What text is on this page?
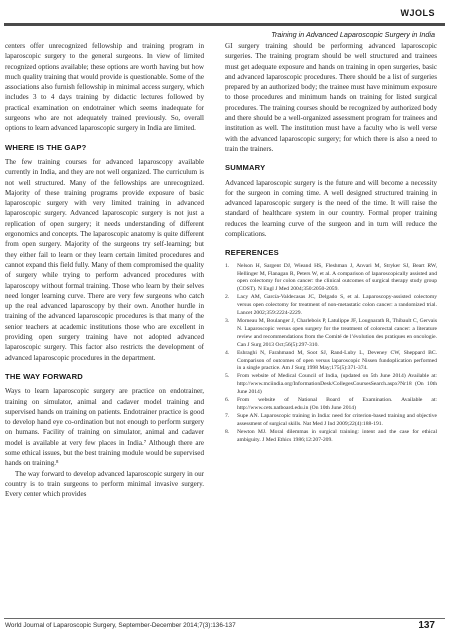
WJOLS
Training in Advanced Laparoscopic Surgery in India

centers offer unrecognized fellowship and training program in laparoscopic surgery to the general surgeons. In view of limited recognized options available; these options are worth having but how much quality training that would provide is questionable. Some of the associations also furnish fellowship in minimal access surgery, which includes 3 to 4 days training by didactic lectures followed by practical examination on endotrainer which seems inadequate for surgeons who are not adequately trained previously. So, overall options to learn advanced laparoscopic surgery in India are limited.

WHERE IS THE GAP?

The few training courses for advanced laparoscopy available currently in India, and they are not well organized. The curriculum is not well structured. Many of the fellowships are unrecognized. Majority of these training programs provide exposure of basic laparoscopic surgery with very limited training in advanced laparoscopic surgery. Advanced laparoscopic surgery is not just a replication of open surgery; it needs understanding of different ergonomics and concepts. The laparoscopic anatomy is quite different from open surgery. Majority of the surgeons try self-learning; but they either fail to learn or they learn certain limited procedures and cannot expand this field fully. Many of them compromised the quality of surgery while trying to perform advanced procedures with laparoscopy without formal training. Those who learn by their selves need longer learning curve. There are very few surgeons who catch up the real advanced laparoscopy by their own. Another hurdle in training of the advanced laparoscopic procedures is that many of the senior teachers at academic institutions those who are excellent in providing open surgery training have not adopted advanced laparoscopic surgery. This factor also restricts the development of advanced laparoscopic procedures in the department.

THE WAY FORWARD

Ways to learn laparoscopic surgery are practice on endotrainer, training on simulator, animal and cadaver model training and supervised hands on training on patients. Endotrainer practice is good to develop hand eye co-ordination but not enough to perform surgery on humans. Facility of training on simulator, animal and cadaver model is available at very few places in India.⁷ Although there are some ethical issues, but the best training module would be supervised hands on training.⁸

The way forward to develop advanced laparoscopic surgery in our country is to train surgeons to perform minimal invasive surgery. Every center which provides

GI surgery training should be performing advanced laparoscopic surgeries. The training program should be well structured and trainees must get adequate exposure and hands on training in open surgeries, basic and advanced laparoscopic procedures. There should be a list of surgeries prepared by an authorized body; the trainee must have minimum exposure to those procedures and minimum hands on training for listed surgical procedures. The training courses should be recognized by authorized body and there should be a well-organized assessment program for trainees and institution as well. The institution must have a faculty who is well verse with the advanced laparoscopic surgery; for which there is also a need to train the trainers.

SUMMARY

Advanced laparoscopic surgery is the future and will become a necessity for the surgeon in coming time. A well designed structured training in advanced laparoscopic surgery is the need of the time. It will raise the standard of healthcare system in our country. Formal proper training reduces the learning curve of the surgeon and in turn will reduce the complications.

REFERENCES
1. Nelson H, Sargent DJ, Wieand HS, Fleshman J, Anvari M, Stryker SJ, Beart RW, Hellinger M, Flanagan R, Peters W, et al. A comparison of laparoscopically assisted and open colectomy for colon cancer: the clinical outcomes of surgical therapy study group (COST). N Engl J Med 2004;350:2050-2059.
2. Lacy AM, García-Valdecasas JC, Delgado S, et al. Laparoscopy-assisted colectomy versus open colectomy for treatment of non-metastatic colon cancer: a randomized trial. Lancet 2002;359:2224-2229.
3. Morneau M, Boulanger J, Charlebois P, Latulippe JF, Lougnarath R, Thibault C, Gervais N. Laparoscopic versus open surgery for the treatment of colorectal cancer: a literature review and recommendations from the Comité de l’évolution des pratiques en oncologie. Can J Surg 2013 Oct;56(5):297-310.
4. Eshraghi N, Farahmand M, Soot SJ, Rand-Luby L, Deveney CW, Sheppard BC. Comparison of outcomes of open versus laparoscopic Nissen fundoplication performed in a single practice. Am J Surg 1998 May;175(5):371-374.
5. From website of Medical Council of India, (updated on 5th June 2014) Available at: http://www.mciindia.org/InformationDesk/CollegesCoursesSearch.aspx?Nr18 (On 10th June 2014)
6. From website of National Board of Examination. Available at: http://www.cets.natboard.edu.in (On 10th June 2014)
7. Supe AN. Laparoscopic training in India: need for criterion-based training and objective assessment of surgical skills. Nat Med J Ind 2009;22(4):188-191.
8. Newton MJ. Moral dilemmas in surgical training: intent and the case for ethical ambiguity. J Med Ethics 1986;12:207-209.
World Journal of Laparoscopic Surgery, September-December 2014;7(3):136-137	137
